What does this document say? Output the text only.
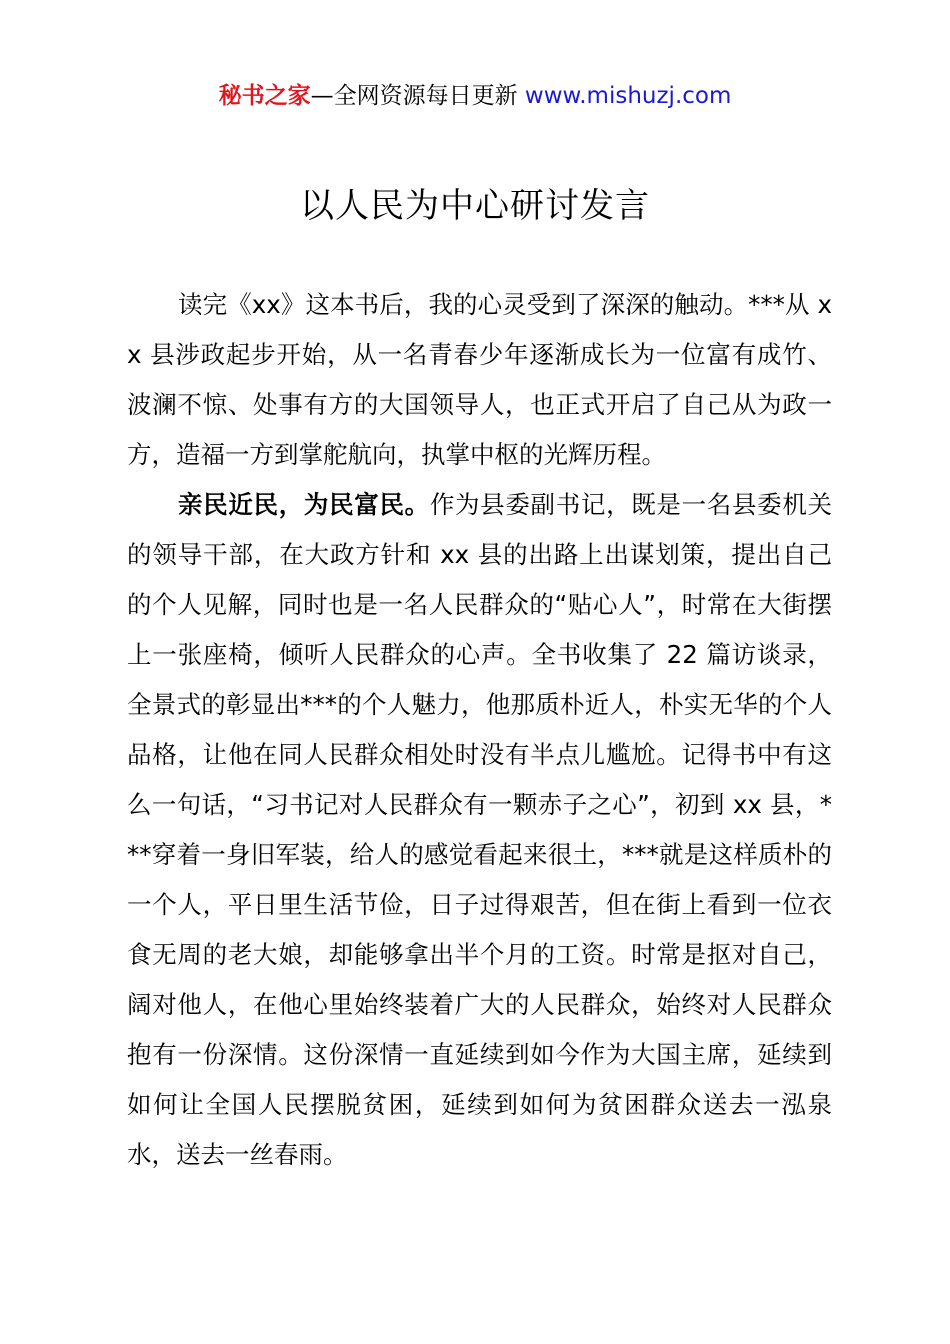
秘书之家—全网资源每日更新 www.mishuzj.com
以人民为中心研讨发言

读完《xx》这本书后，我的心灵受到了深深的触动。***从 xx 县涉政起步开始，从一名青春少年逐渐成长为一位富有成竹、波澜不惊、处事有方的大国领导人，也正式开启了自己从为政一方，造福一方到掌舵航向，执掌中枢的光辉历程。

亲民近民，为民富民。作为县委副书记，既是一名县委机关的领导干部，在大政方针和 xx 县的出路上出谋划策，提出自己的个人见解，同时也是一名人民群众的“贴心人”，时常在大街摆上一张座椅，倾听人民群众的心声。全书收集了 22 篇访谈录，全景式的彰显出***的个人魅力，他那质朴近人，朴实无华的个人品格，让他在同人民群众相处时没有半点儿尴尬。记得书中有这么一句话，“习书记对人民群众有一颗赤子之心”，初到 xx 县，***穿着一身旧军装，给人的感觉看起来很土，***就是这样质朴的一个人，平日里生活节俭，日子过得艰苦，但在街上看到一位衣食无周的老大娘，却能够拿出半个月的工资。时常是抠对自己，阔对他人，在他心里始终装着广大的人民群众，始终对人民群众抱有一份深情。这份深情一直延续到如今作为大国主席，延续到如何让全国人民摆脱贫困，延续到如何为贫困群众送去一泓泉水，送去一丝春雨。
